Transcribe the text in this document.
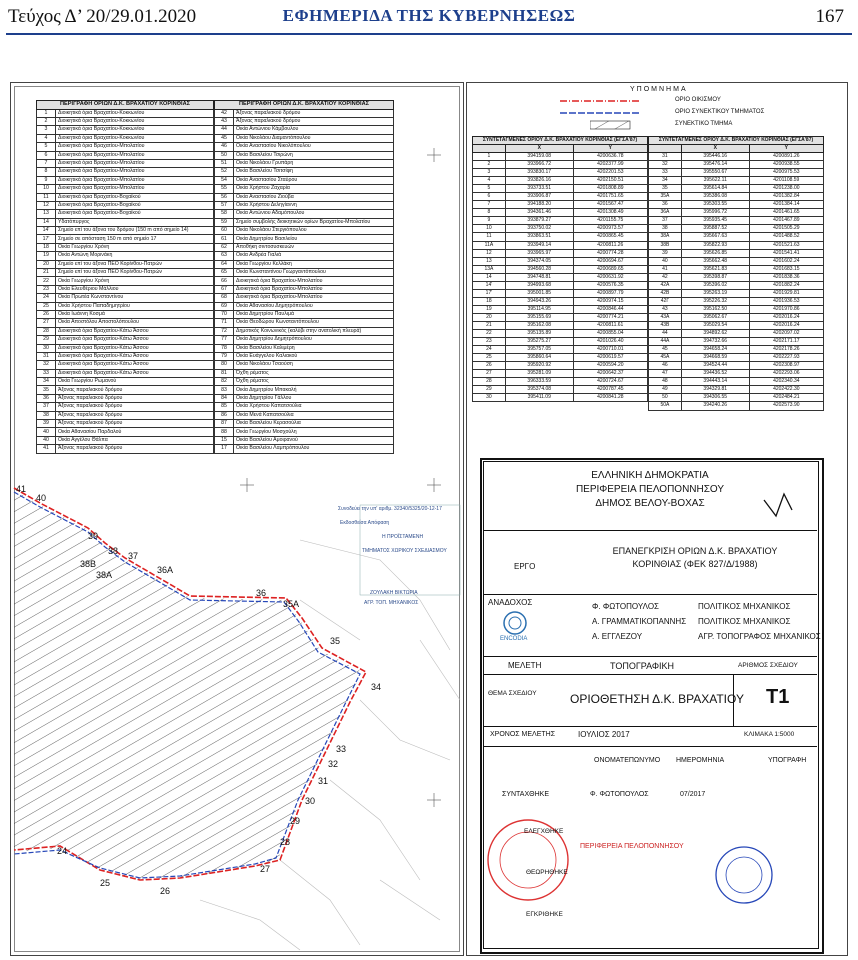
Τεύχος Δ’ 20/29.01.2020	ΕΦΗΜΕΡΙΔΑ ΤΗΣ ΚΥΒΕΡΝΗΣΕΩΣ	167
41
40
39
38 37
38B
38A	36A
36
35A
35
34
33
32
31
30
29
28
27
26
25
24
Συνοδεύει την υπ' αριθμ. 32340/5325/20-12-17
Εκδοσθείσα Απόφαση
Η ΠΡΟΪΣΤΑΜΕΝΗ
ΤΜΗΜΑΤΟΣ ΧΩΡΙΚΟΥ ΣΧΕΔΙΑΣΜΟΥ
ΖΟΥΛΑΚΗ ΒΙΚΤΩΡΙΑ
ΑΓΡ. ΤΟΠ. ΜΗΧΑΝΙΚΟΣ
ΠΕΡΙΓΡΑΦΗ ΟΡΙΩΝ Δ.Κ. ΒΡΑΧΑΤΙΟΥ ΚΟΡΙΝΘΙΑΣ	
1	Διοικητικά όρια Βραχατίου-Κοκκωνίου
2	Διοικητικά όρια Βραχατίου-Κοκκωνίου
3	Διοικητικά όρια Βραχατίου-Κοκκωνίου
4	Διοικητικά όρια Βραχατίου-Κοκκωνίου
5	Διοικητικά όρια Βραχατίου-Μπολατίου
6	Διοικητικά όρια Βραχατίου-Μπολατίου
7	Διοικητικά όρια Βραχατίου-Μπολατίου
8	Διοικητικά όρια Βραχατίου-Μπολατίου
9	Διοικητικά όρια Βραχατίου-Μπολατίου
10	Διοικητικά όρια Βραχατίου-Μπολατίου
11	Διοικητικά όρια Βραχατίου-Βοχαϊκού
12	Διοικητικά όρια Βραχατίου-Βοχαϊκού
13	Διοικητικά όρια Βραχατίου-Βοχαϊκού
14	Υδατόπυργος
14'	Σημείο επί του άξονα του δρόμου (150 m από σημείο 14)
17'	Σημείο σε απόσταση 150 m από σημείο 17
18	Οικία Γεωργίου Χρόνη
19	Οικία Αντώνη Μορινάκη
20	Σημείο επί του άξονα ΠΕΟ Κορίνθου-Πατρών
21	Σημείο επί του άξονα ΠΕΟ Κορίνθου-Πατρών
22	Οικία Γεωργίου Χρόνη
23	Οικία Ελευθέριου Μάλλιου
24	Οικία Πρωτέα Κωνσταντίνου
25	Οικία Χρήστου Παπαδημητρίου
26	Οικία Ιωάννη Κοσμά
27	Οικία Αποστόλου Αποστολόπουλου
28	Διοικητικά όρια Βραχατίου-Κάτω Άσσου
29	Διοικητικά όρια Βραχατίου-Κάτω Άσσου
30	Διοικητικά όρια Βραχατίου-Κάτω Άσσου
31	Διοικητικά όρια Βραχατίου-Κάτω Άσσου
32	Διοικητικά όρια Βραχατίου-Κάτω Άσσου
33	Διοικητικά όρια Βραχατίου-Κάτω Άσσου
34	Οικία Γεωργίου Ρωμανού
35	Άξονας παραλιακού δρόμου
36	Άξονας παραλιακού δρόμου
37	Άξονας παραλιακού δρόμου
38	Άξονας παραλιακού δρόμου
39	Άξονας παραλιακού δρόμου
40	Οικία Αθανασίου Παρδαλού
40	Οικία Αγγέλου Θάλπα
41	Άξονας παραλιακού δρόμου
ΠΕΡΙΓΡΑΦΗ ΟΡΙΩΝ Δ.Κ. ΒΡΑΧΑΤΙΟΥ ΚΟΡΙΝΘΙΑΣ	
42	Άξονας παραλιακού δρόμου
43	Άξονας παραλιακού δρόμου
44	Οικία Αντώνιου Κάμβουλου
45	Οικία Νικολάου Διαμαντόπουλου
46	Οικία Αναστασίου Νικολόπουλου
50	Οικία Βασιλείου Τσιρώνη
51	Οικία Νικολάου Γρυπάρη
52	Οικία Βασιλείου Τσιτσίφη
54	Οικία Αναστασίου Σταύρου
55	Οικία Χρήστου Ζαχαρία
56	Οικία Αναστασίου Ζιούβα
57	Οικία Χρήστου Δεληγίαννη
58	Οικία Αντώνιου Αδαμόπουλου
59	Σημείο συμβολής διοικητικών ορίων Βραχατίου-Μπολατίου
60	Οικία Νικολάου Στεργιόπουλου
61	Οικία Δημητρίου Βασιλείου
62	Αποθήκη σιντοσυσκευών
63	Οικία Ανδρέα Γιαλιά
64	Οικία Γεωργίου Κελλάκη
65	Οικία Κωνσταντίνου Γεωργαντόπουλου
66	Διοικητικά όρια Βραχατίου-Μπολατίου
67	Διοικητικά όρια Βραχατίου-Μπολατίου
68	Διοικητικά όρια Βραχατίου-Μπολατίου
69	Οικία Αθανασίου Δημητρόπουλου
70	Οικία Δημητρίου Παυλιμά
71	Οικία Θεοδώρου Κωνσταντόπουλου
72	Δημοτικός Κοινωνικός (καλύβι στην ανατολική πλευρά)
77	Οικία Δημητρίου Δημητρόπουλου
78	Οικία Βασιλείου Καλιμέρη
79	Οικία Ευάγγελου Καλιακού
80	Οικία Νικολάου Τσαούση
81	Όχθη ρέματος
82	Όχθη ρέματος
83	Οικία Δημητρίου Μπακαλή
84	Οικία Δημητρίου Γάλλου
85	Οικία Χρήστου Καπατσούλια
86	Οικία Μενά Καπατσούλια
87	Οικία Βασιλείου Κερασούλια
88	Οικία Γεωργίου Μοσχούλη
15	Οικία Βασιλείου Αμοιρανού
17	Οικία Βασιλείου Λαμπρόπουλου
ΥΠΟΜΝΗΜΑ
ΟΡΙΟ ΟΙΚΙΣΜΟΥ
ΟΡΙΟ ΣΥΝΕΚΤΙΚΟΥ ΤΜΗΜΑΤΟΣ
ΣΥΝΕΚΤΙΚΟ ΤΜΗΜΑ
ΣΥΝΤΕΤΑΓΜΕΝΕΣ ΟΡΙΟΥ Δ.Κ. ΒΡΑΧΑΤΙΟΥ ΚΟΡΙΝΘΙΑΣ (ΕΓΣΑ'87)		
	X	Y
1	394159.08	4200636.78
2	393966.72	4202377.99
3	393830.17	4202201.53
4	393826.16	4202150.51
5	393733.51	4201808.89
6	393906.87	4201751.65
7	394188.20	4201567.47
8	394361.46	4201308.49
9	393879.27	4201155.75
10	393750.02	4200973.57
11	393863.51	4200865.45
11A	393949.14	4200811.26
12	393965.97	4200774.28
13	394374.05	4200694.67
13A	394560.28	4200689.65
14	394748.81	4200631.92
14'	394993.68	4200576.35
17'	395001.85	4200897.79
18	394943.26	4200974.15
19	395114.95	4200846.44
20	395155.69	4200774.21
21	395162.08	4200811.61
22	395135.89	4200855.04
23	395275.27	4201026.40
24	395757.05	4200710.01
25	395860.64	4200619.57
26	395920.92	4200594.20
27	395281.09	4200642.37
28	396333.59	4200724.67
29	395374.08	4200787.45
30	395411.09	4200841.28
ΣΥΝΤΕΤΑΓΜΕΝΕΣ ΟΡΙΟΥ Δ.Κ. ΒΡΑΧΑΤΙΟΥ ΚΟΡΙΝΘΙΑΣ (ΕΓΣΑ'87)		
	X	Y
31	395446.16	4200891.26
32	395476.14	4200938.55
33	395550.67	4200975.53
34	395622.11	4201108.59
35	395614.84	4201238.00
35A	395386.08	4201382.84
36	395303.55	4201384.14
36A	395996.72	4201461.65
37	395935.45	4201467.89
38	395887.52	4201505.29
38A	395667.63	4201488.52
38B	395822.93	4201521.63
39	395626.85	4201541.41
40	395662.48	4201602.24
41	395621.83	4201683.15
42	395398.87	4201838.36
42A	395396.02	4201882.24
42B	395263.19	4201929.81
42Γ	395226.32	4201936.53
43	395162.50	4201970.86
43A	395062.67	4202016.24
43B	395029.54	4202016.24
44	394892.62	4202097.02
44A	394732.66	4202171.17
45	394658.24	4202178.26
45A	394668.59	4202227.93
46	394524.44	4202308.97
47	394436.52	4202293.06
48	394443.14	4202340.34
49	394329.81	4202422.30
50	394306.55	4202484.21
50A	394240.26	4202573.90
ΕΛΛΗΝΙΚΗ ΔΗΜΟΚΡΑΤΙΑ
ΠΕΡΙΦΕΡΕΙΑ ΠΕΛΟΠΟΝΝΗΣΟΥ
ΔΗΜΟΣ ΒΕΛΟΥ-ΒΟΧΑΣ
ΕΡΓΟ
ΕΠΑΝΕΓΚΡΙΣΗ ΟΡΙΩΝ Δ.Κ. ΒΡΑΧΑΤΙΟΥ
ΚΟΡΙΝΘΙΑΣ (ΦΕΚ 827/Δ/1988)
ΑΝΑΔΟΧΟΣ
ENCODIA
Φ. ΦΩΤΟΠΟΥΛΟΣ	ΠΟΛΙΤΙΚΟΣ ΜΗΧΑΝΙΚΟΣ
Α. ΓΡΑΜΜΑΤΙΚΟΠΑΝΝΗΣ ΠΟΛΙΤΙΚΟΣ ΜΗΧΑΝΙΚΟΣ
Α. ΕΓΓΛΕΖΟΥ	ΑΓΡ. ΤΟΠΟΓΡΑΦΟΣ ΜΗΧΑΝΙΚΟΣ
ΜΕΛΕΤΗ	ΤΟΠΟΓΡΑΦΙΚΗ	ΑΡΙΘΜΟΣ ΣΧΕΔΙΟΥ
ΘΕΜΑ ΣΧΕΔΙΟΥ	ΟΡΙΟΘΕΤΗΣΗ Δ.Κ. ΒΡΑΧΑΤΙΟΥ T1
ΧΡΟΝΟΣ ΜΕΛΕΤΗΣ	ΙΟΥΛΙΟΣ 2017	ΚΛΙΜΑΚΑ 1:5000
ΟΝΟΜΑΤΕΠΩΝΥΜΟ ΗΜΕΡΟΜΗΝΙΑ	ΥΠΟΓΡΑΦΗ
ΣΥΝΤΑΧΘΗΚΕ	Φ. ΦΩΤΟΠΟΥΛΟΣ	07/2017
ΕΛΕΓΧΘΗΚΕ
ΘΕΩΡΗΘΗΚΕ
ΕΓΚΡΙΘΗΚΕ
ΠΕΡΙΦΕΡΕΙΑ ΠΕΛΟΠΟΝΝΗΣΟΥ
